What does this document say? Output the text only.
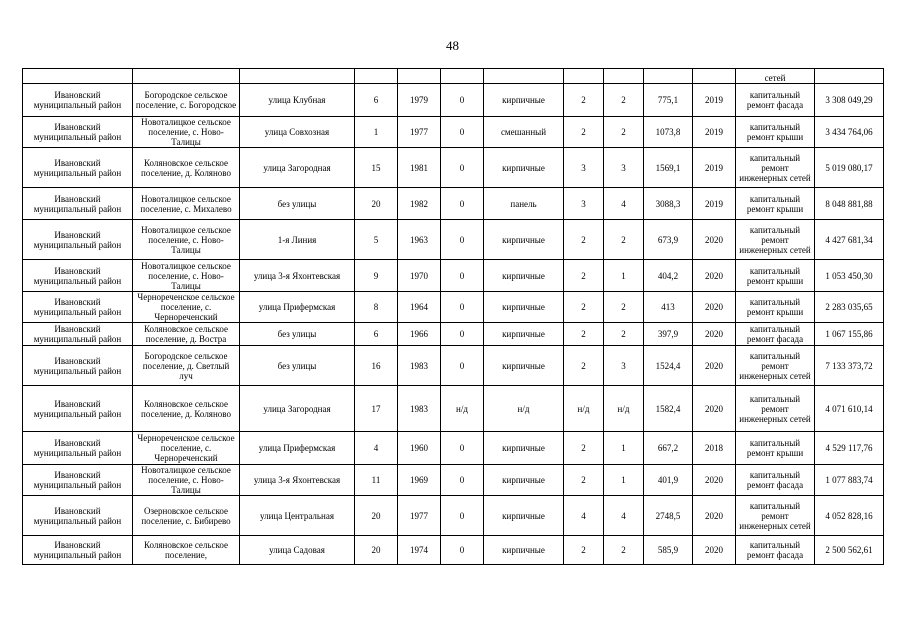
48
											сетей	
Ивановский муниципальный район	Богородское сельское поселение, с. Богородское	улица Клубная	6	1979	0	кирпичные	2	2	775,1	2019	капитальный ремонт фасада	3 308 049,29
Ивановский муниципальный район	Новоталицкое сельское поселение, с. Ново-Талицы	улица Совхозная	1	1977	0	смешанный	2	2	1073,8	2019	капитальный ремонт крыши	3 434 764,06
Ивановский муниципальный район	Коляновское сельское поселение, д. Коляново	улица Загородная	15	1981	0	кирпичные	3	3	1569,1	2019	капитальный ремонт инженерных сетей	5 019 080,17
Ивановский муниципальный район	Новоталицкое сельское поселение, с. Михалево	без улицы	20	1982	0	панель	3	4	3088,3	2019	капитальный ремонт крыши	8 048 881,88
Ивановский муниципальный район	Новоталицкое сельское поселение, с. Ново-Талицы	1-я Линия	5	1963	0	кирпичные	2	2	673,9	2020	капитальный ремонт инженерных сетей	4 427 681,34
Ивановский муниципальный район	Новоталицкое сельское поселение, с. Ново-Талицы	улица 3-я Яхонтевская	9	1970	0	кирпичные	2	1	404,2	2020	капитальный ремонт крыши	1 053 450,30
Ивановский муниципальный район	Чернореченское сельское поселение, с. Чернореченский	улица Прифермская	8	1964	0	кирпичные	2	2	413	2020	капитальный ремонт крыши	2 283 035,65
Ивановский муниципальный район	Коляновское сельское поселение, д. Востра	без улицы	6	1966	0	кирпичные	2	2	397,9	2020	капитальный ремонт фасада	1 067 155,86
Ивановский муниципальный район	Богородское сельское поселение, д. Светлый луч	без улицы	16	1983	0	кирпичные	2	3	1524,4	2020	капитальный ремонт инженерных сетей	7 133 373,72
Ивановский муниципальный район	Коляновское сельское поселение, д. Коляново	улица Загородная	17	1983	н/д	н/д	н/д	н/д	1582,4	2020	капитальный ремонт инженерных сетей	4 071 610,14
Ивановский муниципальный район	Чернореченское сельское поселение, с. Чернореченский	улица Прифермская	4	1960	0	кирпичные	2	1	667,2	2018	капитальный ремонт крыши	4 529 117,76
Ивановский муниципальный район	Новоталицкое сельское поселение, с. Ново-Талицы	улица 3-я Яхонтевская	11	1969	0	кирпичные	2	1	401,9	2020	капитальный ремонт фасада	1 077 883,74
Ивановский муниципальный район	Озерновское сельское поселение, с. Бибирево	улица Центральная	20	1977	0	кирпичные	4	4	2748,5	2020	капитальный ремонт инженерных сетей	4 052 828,16
Ивановский муниципальный район	Коляновское сельское поселение,	улица Садовая	20	1974	0	кирпичные	2	2	585,9	2020	капитальный ремонт фасада	2 500 562,61
